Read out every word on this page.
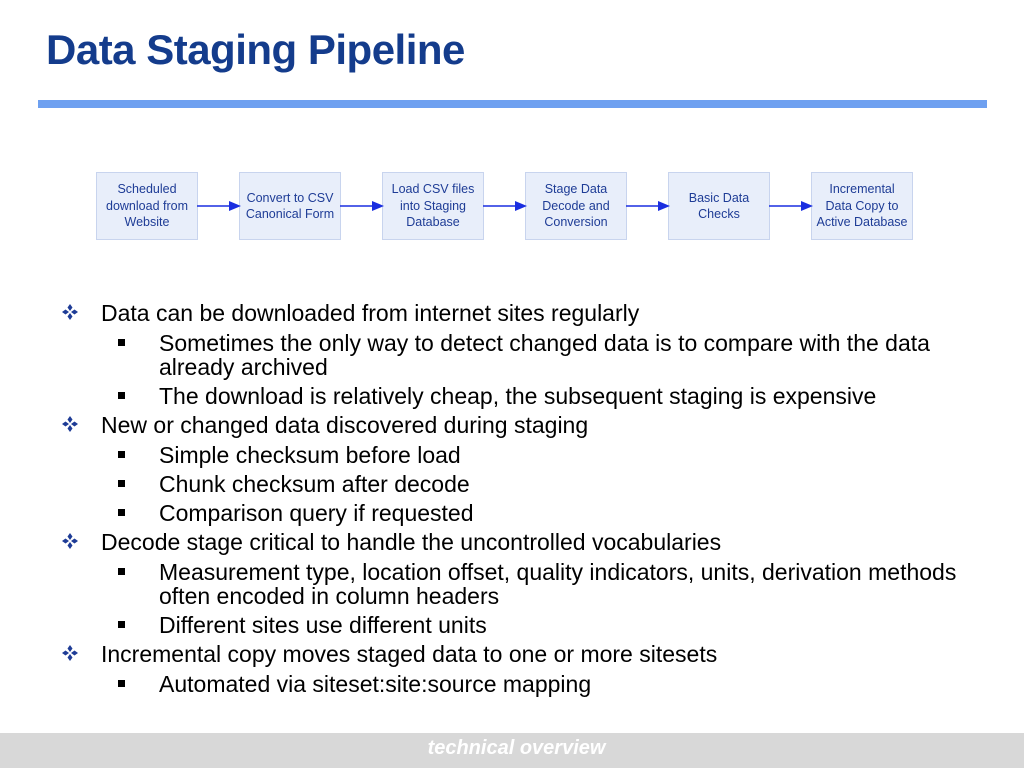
Data Staging Pipeline
Scheduled download from Website
Convert to CSV Canonical Form
Load CSV files into Staging Database
Stage Data Decode and Conversion
Basic Data Checks
Incremental Data Copy to Active Database
Data can be downloaded from internet sites regularly
Sometimes the only way to detect changed data is to compare with the data already archived
The download is relatively cheap, the subsequent staging is expensive
New or changed data discovered during staging
Simple checksum before load
Chunk checksum after decode
Comparison query if requested
Decode stage critical to handle the uncontrolled vocabularies
Measurement type, location offset, quality indicators, units, derivation methods often encoded in column headers
Different sites use different units
Incremental copy moves staged data to one or more sitesets
Automated via siteset:site:source mapping
technical overview
